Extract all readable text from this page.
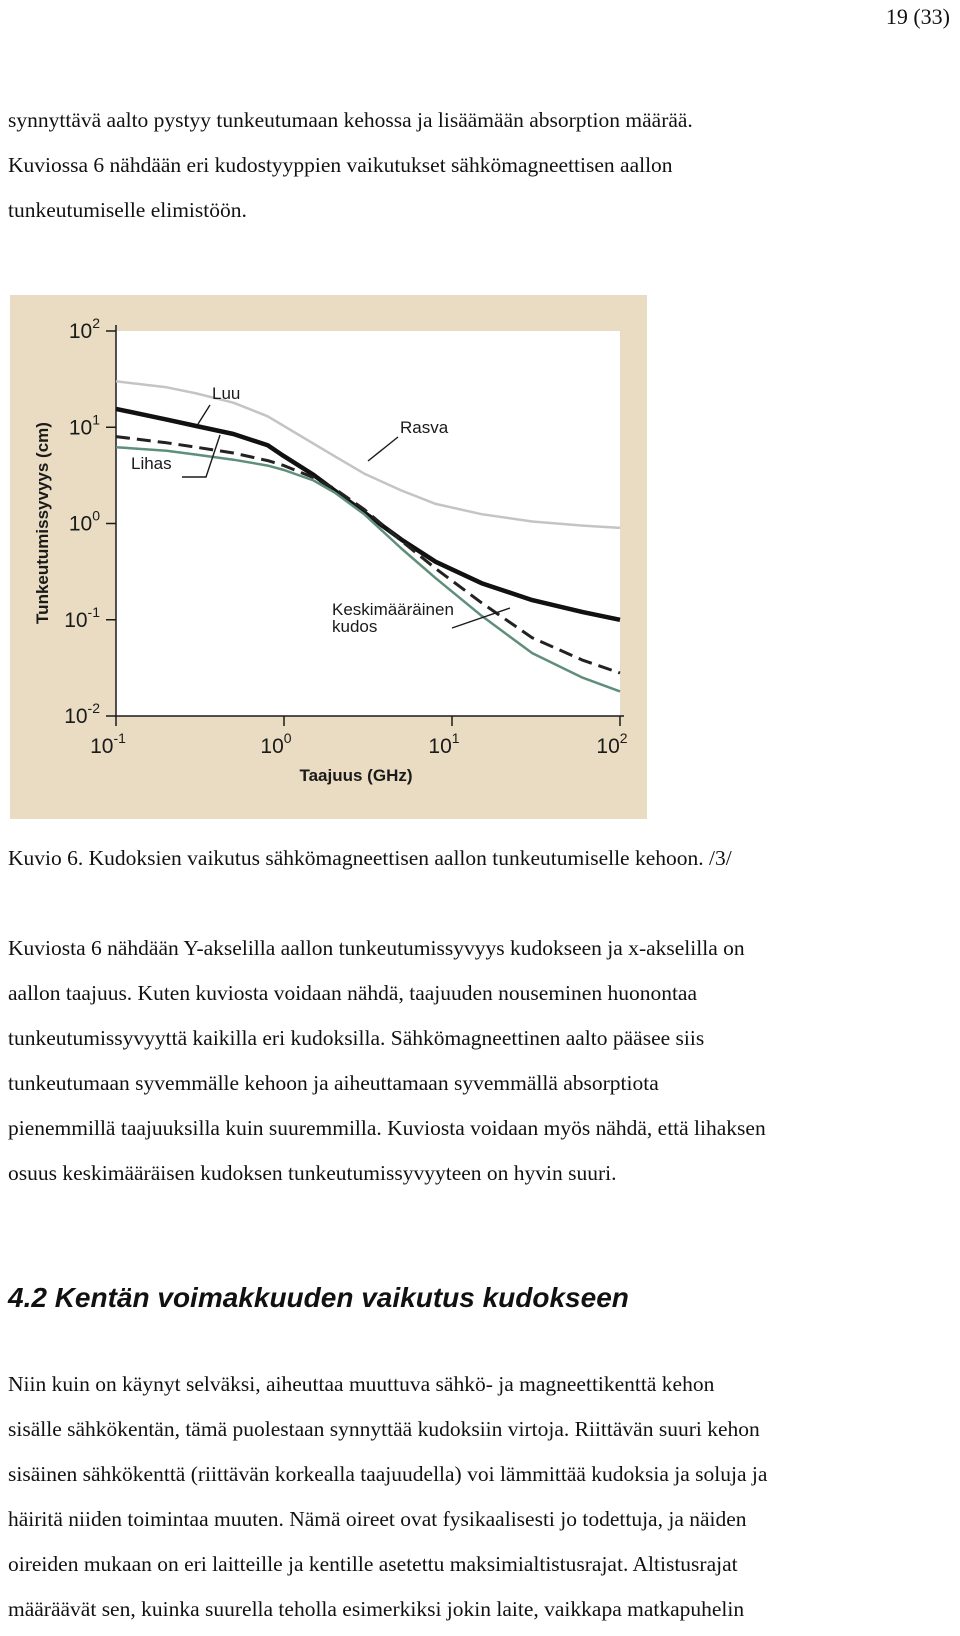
19 (33)

synnyttävä aalto pystyy tunkeutumaan kehossa ja lisäämään absorption määrää.
Kuviossa 6 nähdään eri kudostyyppien vaikutukset sähkömagneettisen aallon
tunkeutumiselle elimistöön.

$10^{-2}$
$10^{-1}$
$10^0$
$10^1$
$10^2$
$10^{-1}$	$10^0$	$10^1$	$10^2$
Luu
Rasva
Lihas
Keskimääräinen
kudos
Tunkeutumissyvyys (cm)
Taajuus (GHz)

Kuvio 6. Kudoksien vaikutus sähkömagneettisen aallon tunkeutumiselle kehoon. /3/

Kuviosta 6 nähdään Y-akselilla aallon tunkeutumissyvyys kudokseen ja x-akselilla on
aallon taajuus. Kuten kuviosta voidaan nähdä, taajuuden nouseminen huonontaa
tunkeutumissyvyyttä kaikilla eri kudoksilla. Sähkömagneettinen aalto pääsee siis
tunkeutumaan syvemmälle kehoon ja aiheuttamaan syvemmällä absorptiota
pienemmillä taajuuksilla kuin suuremmilla. Kuviosta voidaan myös nähdä, että lihaksen
osuus keskimääräisen kudoksen tunkeutumissyvyyteen on hyvin suuri.

4.2 Kentän voimakkuuden vaikutus kudokseen

Niin kuin on käynyt selväksi, aiheuttaa muuttuva sähkö- ja magneettikenttä kehon
sisälle sähkökentän, tämä puolestaan synnyttää kudoksiin virtoja. Riittävän suuri kehon
sisäinen sähkökenttä (riittävän korkealla taajuudella) voi lämmittää kudoksia ja soluja ja
häiritä niiden toimintaa muuten. Nämä oireet ovat fysikaalisesti jo todettuja, ja näiden
oireiden mukaan on eri laitteille ja kentille asetettu maksimialtistusrajat. Altistusrajat
määräävät sen, kuinka suurella teholla esimerkiksi jokin laite, vaikkapa matkapuhelin
